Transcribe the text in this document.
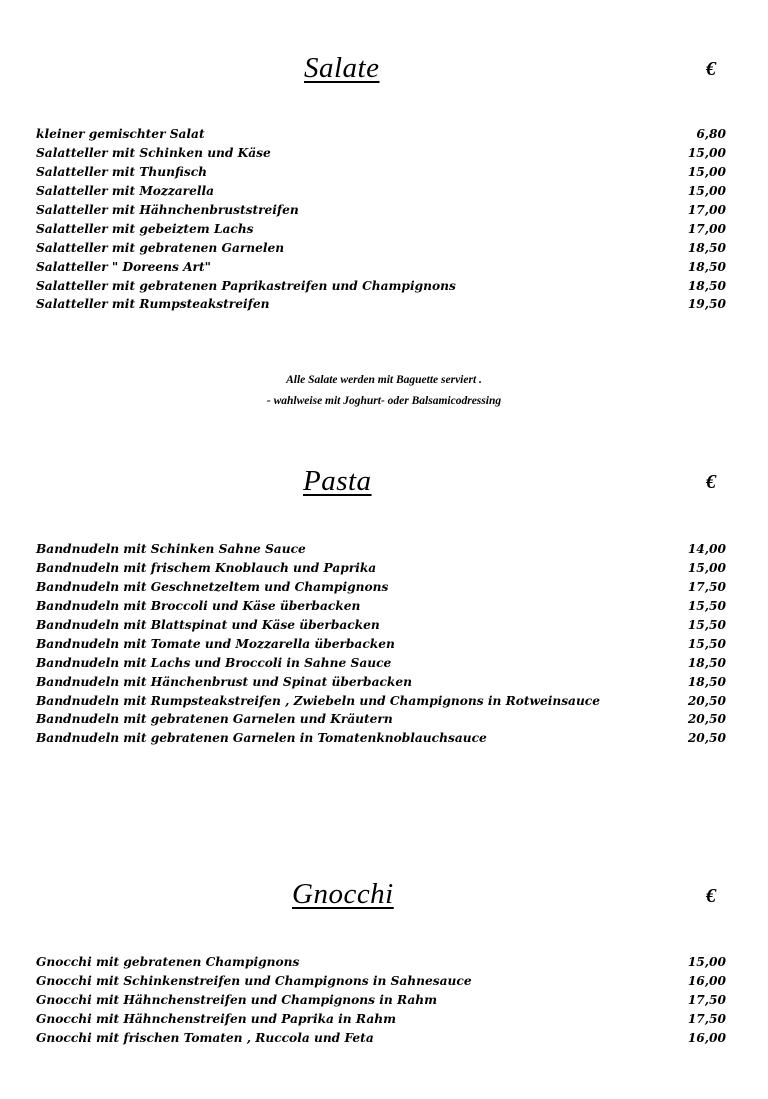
Salate	€
kleiner gemischter Salat	6,80
Salatteller mit Schinken und Käse	15,00
Salatteller mit Thunfisch	15,00
Salatteller mit Mozzarella	15,00
Salatteller mit Hähnchenbruststreifen	17,00
Salatteller mit gebeiztem Lachs	17,00
Salatteller mit gebratenen Garnelen	18,50
Salatteller " Doreens Art"	18,50
Salatteller mit gebratenen Paprikastreifen und Champignons	18,50
Salatteller mit Rumpsteakstreifen	19,50
Alle Salate werden mit Baguette serviert .
- wahlweise mit Joghurt- oder Balsamicodressing
Pasta	€
Bandnudeln mit Schinken Sahne Sauce	14,00
Bandnudeln mit frischem Knoblauch und Paprika	15,00
Bandnudeln mit Geschnetzeltem und Champignons	17,50
Bandnudeln mit Broccoli und Käse überbacken	15,50
Bandnudeln mit Blattspinat und Käse überbacken	15,50
Bandnudeln mit Tomate und Mozzarella überbacken	15,50
Bandnudeln mit Lachs und Broccoli in Sahne Sauce	18,50
Bandnudeln mit Hänchenbrust und Spinat überbacken	18,50
Bandnudeln mit Rumpsteakstreifen , Zwiebeln und Champignons in Rotweinsauce	20,50
Bandnudeln mit gebratenen Garnelen und Kräutern	20,50
Bandnudeln mit gebratenen Garnelen in Tomatenknoblauchsauce	20,50
Gnocchi	€
Gnocchi mit gebratenen Champignons	15,00
Gnocchi mit Schinkenstreifen und Champignons in Sahnesauce	16,00
Gnocchi mit Hähnchenstreifen und Champignons in Rahm	17,50
Gnocchi mit Hähnchenstreifen und Paprika in Rahm	17,50
Gnocchi mit frischen Tomaten , Ruccola und Feta	16,00
